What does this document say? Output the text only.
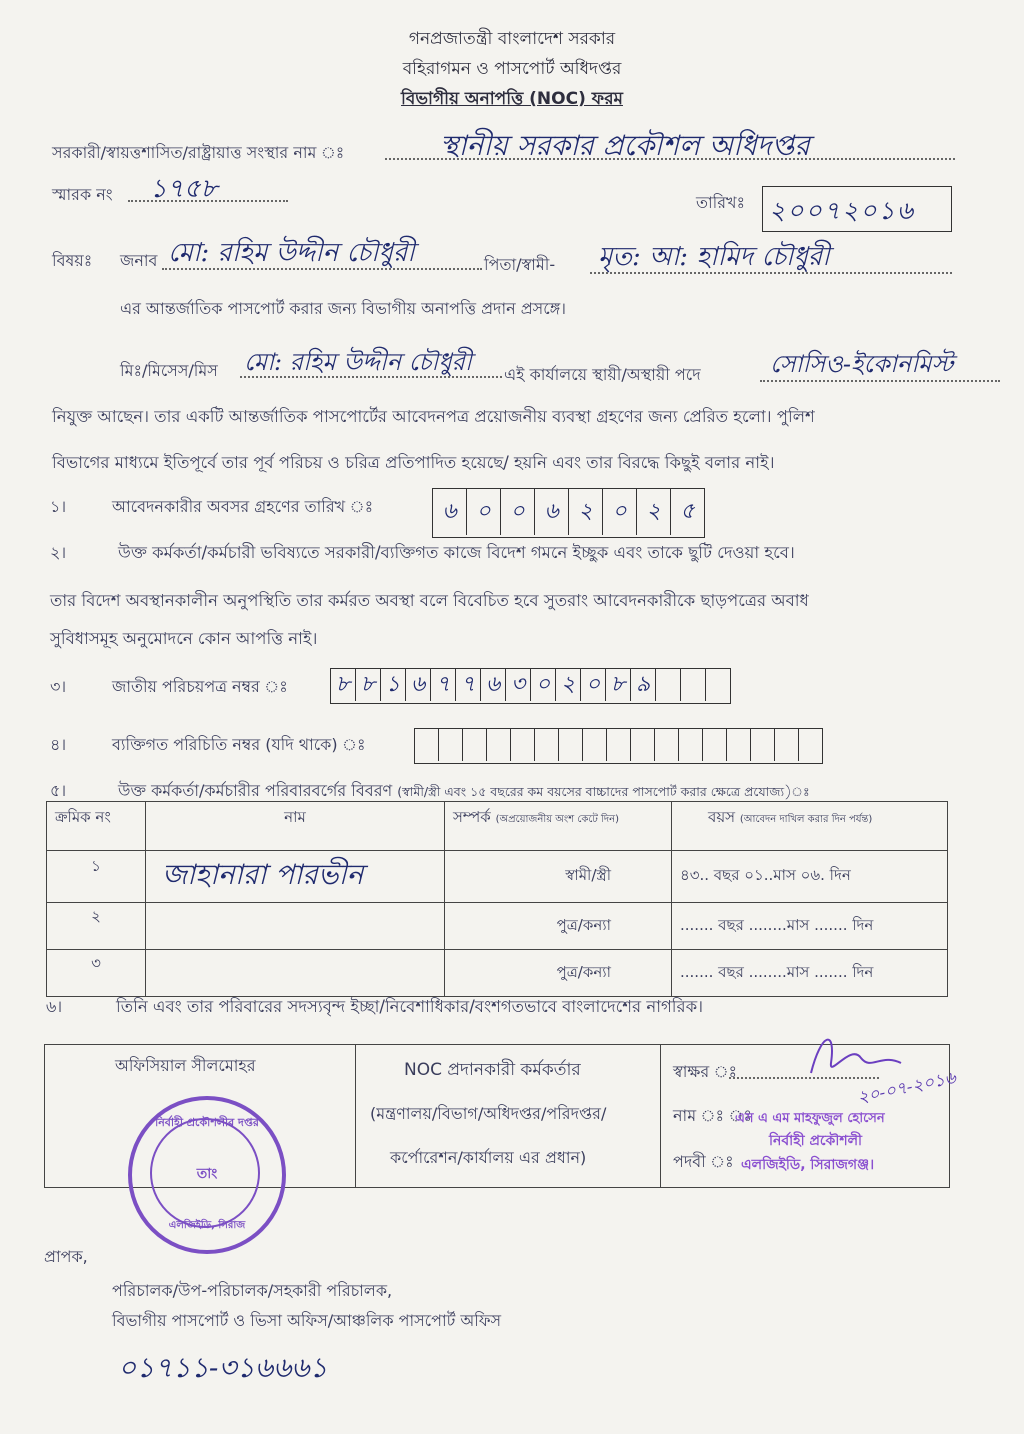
গনপ্রজাতন্ত্রী বাংলাদেশ সরকার
বহিরাগমন ও পাসপোর্ট অধিদপ্তর
বিভাগীয় অনাপত্তি (NOC) ফরম
সরকারী/স্বায়ত্তশাসিত/রাষ্ট্রায়াত্ত সংস্থার নাম ঃ	স্থানীয় সরকার প্রকৌশল অধিদপ্তর
স্মারক নং ১৭৫৮	তারিখঃ ২০০৭২০১৬
বিষয়ঃ জনাব মো: রহিম উদ্দীন চৌধুরী	পিতা/স্বামী- মৃত: আ: হামিদ চৌধুরী
এর আন্তর্জাতিক পাসপোর্ট করার জন্য বিভাগীয় অনাপত্তি প্রদান প্রসঙ্গে।
মিঃ/মিসেস/মিস মো: রহিম উদ্দীন চৌধুরী এই কার্যালয়ে স্থায়ী/অস্থায়ী পদে	সোসিও-ইকোনমিস্ট
নিযুক্ত আছেন। তার একটি আন্তর্জাতিক পাসপোর্টের আবেদনপত্র প্রয়োজনীয় ব্যবস্থা গ্রহণের জন্য প্রেরিত হলো। পুলিশ
বিভাগের মাধ্যমে ইতিপূর্বে তার পূর্ব পরিচয় ও চরিত্র প্রতিপাদিত হয়েছে/ হয়নি এবং তার বিরদ্ধে কিছুই বলার নাই।
১।	আবেদনকারীর অবসর গ্রহণের তারিখ ঃ	৬ ০ ০ ৬ ২ ০ ২ ৫
২।	উক্ত কর্মকর্তা/কর্মচারী ভবিষ্যতে সরকারী/ব্যক্তিগত কাজে বিদেশ গমনে ইচ্ছুক এবং তাকে ছুটি দেওয়া হবে।
তার বিদেশ অবস্থানকালীন অনুপস্থিতি তার কর্মরত অবস্থা বলে বিবেচিত হবে সুতরাং আবেদনকারীকে ছাড়পত্রের অবাধ
সুবিধাসমূহ অনুমোদনে কোন আপত্তি নাই।
৩।	জাতীয় পরিচয়পত্র নম্বর ঃ ৮ ৮ ১ ৬ ৭ ৭ ৬ ৩ ০ ২ ০ ৮ ৯
৪।	ব্যক্তিগত পরিচিতি নম্বর (যদি থাকে) ঃ
৫।	উক্ত কর্মকর্তা/কর্মচারীর পরিবারবর্গের বিবরণ (স্বামী/স্ত্রী এবং ১৫ বছরের কম বয়সের বাচ্চাদের পাসপোর্ট করার ক্ষেত্রে প্রযোজ্য)ঃ
ক্রমিক নং	নাম	সম্পর্ক (অপ্রয়োজনীয় অংশ কেটে দিন)	বয়স (আবেদন দাখিল করার দিন পর্যন্ত)
১	জাহানারা পারভীন	স্বামী/স্ত্রী	৪৩.. বছর ০১..মাস ০৬. দিন
২		পুত্র/কন্যা	....... বছর ........মাস ....... দিন
৩		পুত্র/কন্যা	....... বছর ........মাস ....... দিন
৬।	তিনি এবং তার পরিবারের সদস্যবৃন্দ ইচ্ছা/নিবেশাধিকার/বংশগতভাবে বাংলাদেশের নাগরিক।
অফিসিয়াল সীলমোহর	NOC প্রদানকারী কর্মকর্তার
(মন্ত্রণালয়/বিভাগ/অধিদপ্তর/পরিদপ্তর/
কর্পোরেশন/কার্যালয় এর প্রধান)
স্বাক্ষর ঃ	২০-০৭-২০১৬
নাম ঃ ঃ
এস এ এম মাহফুজুল হোসেন
নির্বাহী প্রকৌশলী
পদবী ঃ এলজিইডি, সিরাজগঞ্জ।
নির্বাহী প্রকৌশলীর দপ্তর
তাং
এলজিইডি, সিরাজ
প্রাপক,
পরিচালক/উপ-পরিচালক/সহকারী পরিচালক,
বিভাগীয় পাসপোর্ট ও ভিসা অফিস/আঞ্চলিক পাসপোর্ট অফিস
০১৭১১-৩১৬৬৬১
